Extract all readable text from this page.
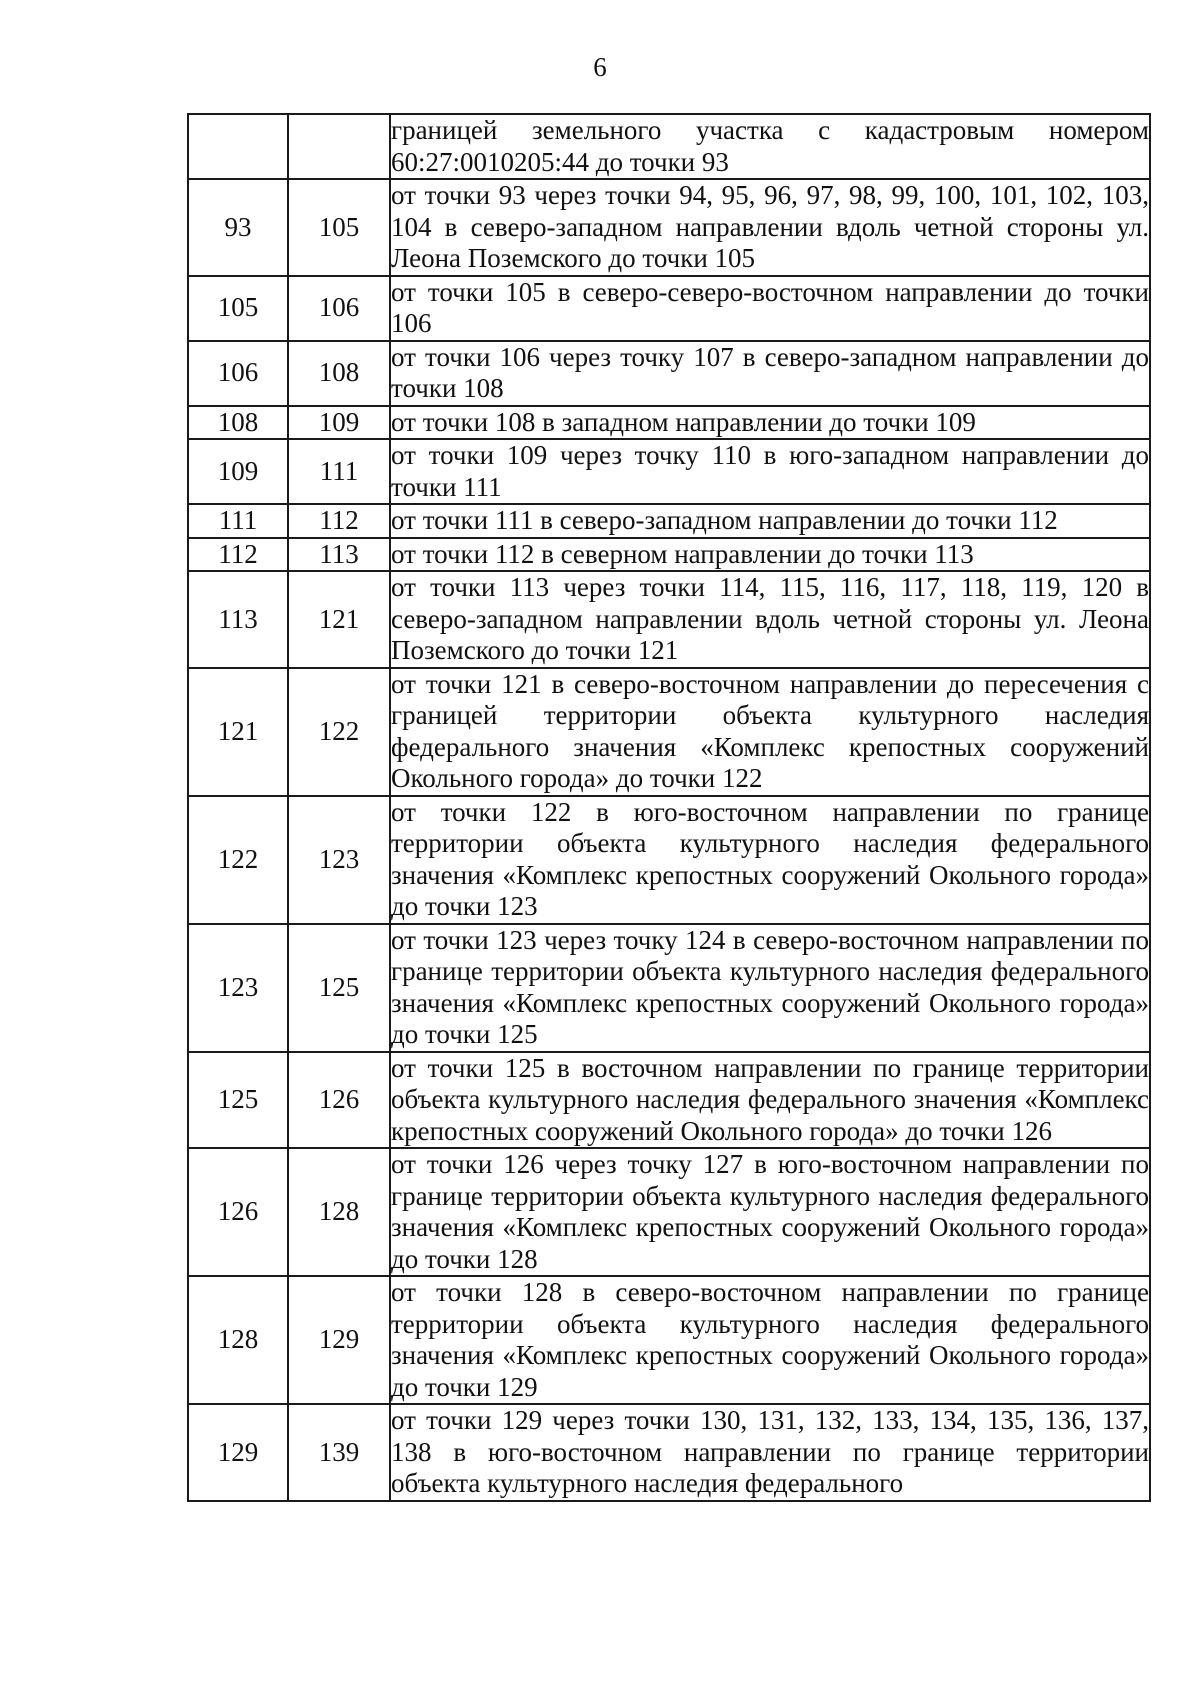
6

		границей земельного участка с кадастровым номером 60:27:0010205:44 до точки 93

93	105	от точки 93 через точки 94, 95, 96, 97, 98, 99, 100, 101, 102, 103, 104 в северо-западном направлении вдоль четной стороны ул. Леона Поземского до точки 105

105	106	от точки 105 в северо-северо-восточном направлении до точки 106

106	108	от точки 106 через точку 107 в северо-западном направлении до точки 108

108	109	от точки 108 в западном направлении до точки 109

109	111	от точки 109 через точку 110 в юго-западном направлении до точки 111

111	112	от точки 111 в северо-западном направлении до точки 112

112	113	от точки 112 в северном направлении до точки 113

113	121	от точки 113 через точки 114, 115, 116, 117, 118, 119, 120 в северо-западном направлении вдоль четной стороны ул. Леона Поземского до точки 121

121	122	от точки 121 в северо-восточном направлении до пересечения с границей территории объекта культурного наследия федерального значения «Комплекс крепостных сооружений Окольного города» до точки 122

122	123	от точки 122 в юго-восточном направлении по границе территории объекта культурного наследия федерального значения «Комплекс крепостных сооружений Окольного города» до точки 123

123	125	от точки 123 через точку 124 в северо-восточном направлении по границе территории объекта культурного наследия федерального значения «Комплекс крепостных сооружений Окольного города» до точки 125

125	126	от точки 125 в восточном направлении по границе территории объекта культурного наследия федерального значения «Комплекс крепостных сооружений Окольного города» до точки 126

126	128	от точки 126 через точку 127 в юго-восточном направлении по границе территории объекта культурного наследия федерального значения «Комплекс крепостных сооружений Окольного города» до точки 128

128	129	от точки 128 в северо-восточном направлении по границе территории объекта культурного наследия федерального значения «Комплекс крепостных сооружений Окольного города» до точки 129

129	139	от точки 129 через точки 130, 131, 132, 133, 134, 135, 136, 137, 138 в юго-восточном направлении по границе территории объекта культурного наследия федерального
